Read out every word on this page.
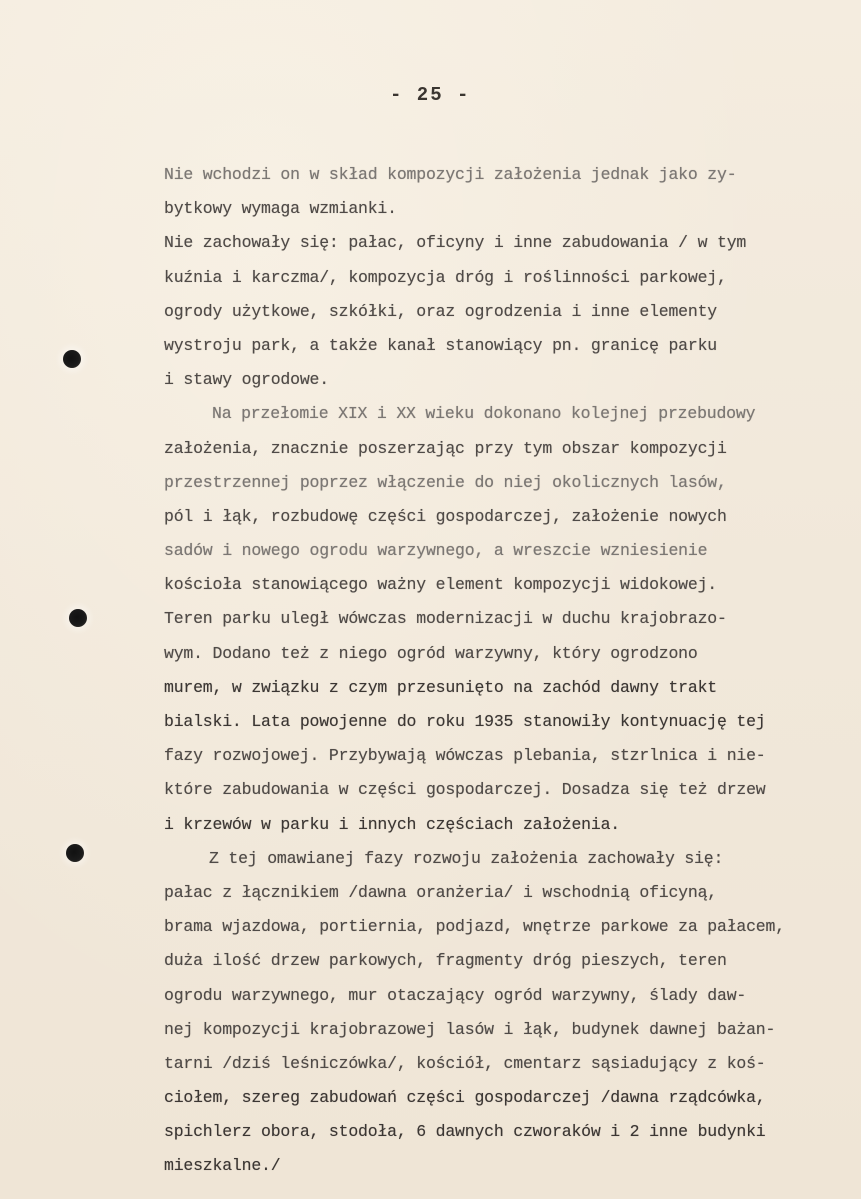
- 25 -
Nie wchodzi on w skład kompozycji założenia jednak jako zy-
bytkowy wymaga wzmianki.
Nie zachowały się: pałac, oficyny i inne zabudowania / w tym
kuźnia i karczma/, kompozycja dróg i roślinności parkowej,
ogrody użytkowe, szkółki, oraz ogrodzenia i inne elementy
wystroju park, a także kanał stanowiący pn. granicę parku
i stawy ogrodowe.
Na przełomie XIX i XX wieku dokonano kolejnej przebudowy
założenia, znacznie poszerzając przy tym obszar kompozycji
przestrzennej poprzez włączenie do niej okolicznych lasów,
pól i łąk, rozbudowę części gospodarczej, założenie nowych
sadów i nowego ogrodu warzywnego, a wreszcie wzniesienie
kościoła stanowiącego ważny element kompozycji widokowej.
Teren parku uległ wówczas modernizacji w duchu krajobrazo-
wym. Dodano też z niego ogród warzywny, który ogrodzono
murem, w związku z czym przesunięto na zachód dawny trakt
bialski. Lata powojenne do roku 1935 stanowiły kontynuację tej
fazy rozwojowej. Przybywają wówczas plebania, stzrlnica i nie-
które zabudowania w części gospodarczej. Dosadza się też drzew
i krzewów w parku i innych częściach założenia.
Z tej omawianej fazy rozwoju założenia zachowały się:
pałac z łącznikiem /dawna oranżeria/ i wschodnią oficyną,
brama wjazdowa, portiernia, podjazd, wnętrze parkowe za pałacem,
duża ilość drzew parkowych, fragmenty dróg pieszych, teren
ogrodu warzywnego, mur otaczający ogród warzywny, ślady daw-
nej kompozycji krajobrazowej lasów i łąk, budynek dawnej bażan-
tarni /dziś leśniczówka/, kościół, cmentarz sąsiadujący z koś-
ciołem, szereg zabudowań części gospodarczej /dawna rządcówka,
spichlerz obora, stodoła, 6 dawnych czworaków i 2 inne budynki
mieszkalne./
